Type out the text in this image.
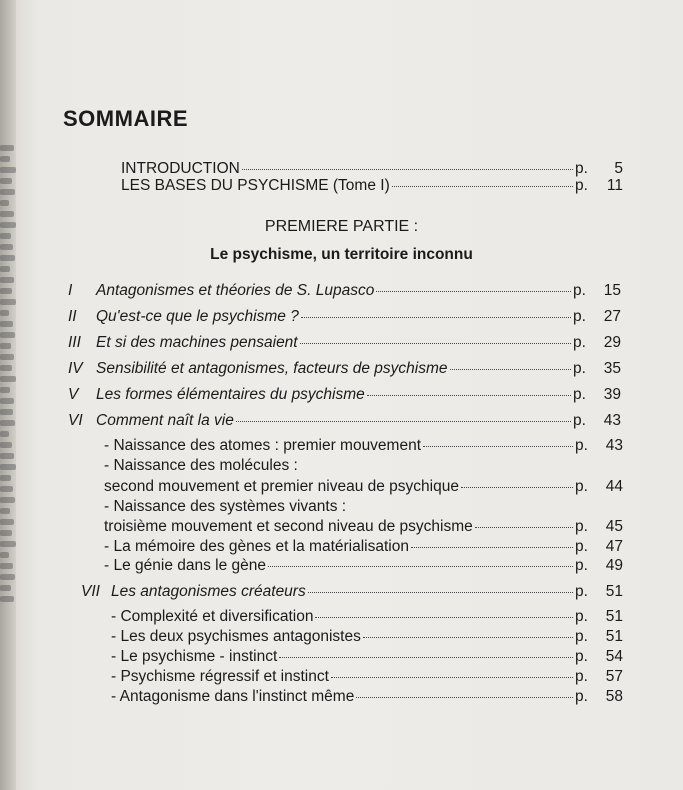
SOMMAIRE
INTRODUCTION	p.	5
LES BASES DU PSYCHISME (Tome I)	p.	11
PREMIERE PARTIE :
Le psychisme, un territoire inconnu
I	Antagonismes et théories de S. Lupasco	p.	15
II	Qu'est-ce que le psychisme ?	p.	27
III Et si des machines pensaient	p.	29
IV Sensibilité et antagonismes, facteurs de psychisme	p.	35
V	Les formes élémentaires du psychisme	p.	39
VI Comment naît la vie	p.	43
- Naissance des atomes : premier mouvement	p.	43
- Naissance des molécules :
second mouvement et premier niveau de psychique	p.	44
- Naissance des systèmes vivants :
troisième mouvement et second niveau de psychisme	p.	45
- La mémoire des gènes et la matérialisation	p.	47
- Le génie dans le gène	p.	49
VII Les antagonismes créateurs	p.	51
- Complexité et diversification	p.	51
- Les deux psychismes antagonistes	p.	51
- Le psychisme - instinct	p.	54
- Psychisme régressif et instinct	p.	57
- Antagonisme dans l'instinct même	p.	58
